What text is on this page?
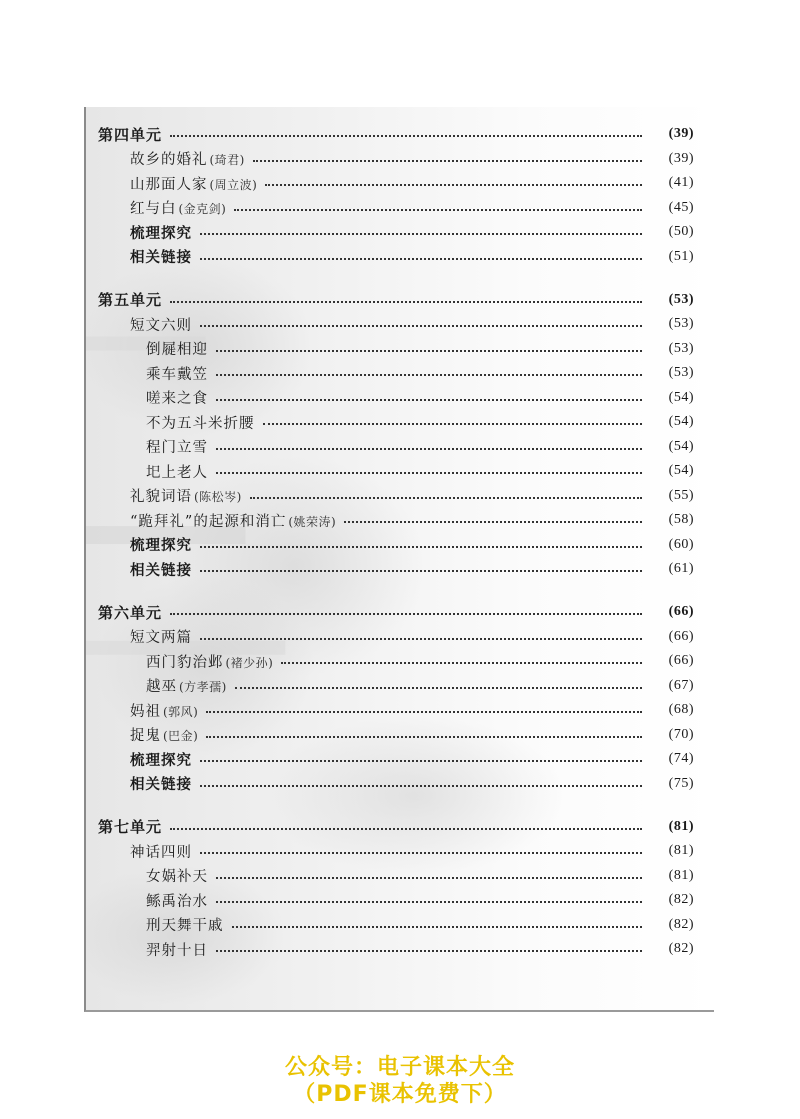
第四单元	(39)
故乡的婚礼 (琦君)	(39)
山那面人家 (周立波)	(41)
红与白 (金克剑)	(45)
梳理探究	(50)
相关链接	(51)
第五单元	(53)
短文六则	(53)
倒屣相迎	(53)
乘车戴笠	(53)
嗟来之食	(54)
不为五斗米折腰	(54)
程门立雪	(54)
圯上老人	(54)
礼貌词语 (陈松岑)	(55)
“跪拜礼”的起源和消亡 (姚荣涛)	(58)
梳理探究	(60)
相关链接	(61)
第六单元	(66)
短文两篇	(66)
西门豹治邺 (褚少孙)	(66)
越巫 (方孝孺)	(67)
妈祖 (郭风)	(68)
捉鬼 (巴金)	(70)
梳理探究	(74)
相关链接	(75)
第七单元	(81)
神话四则	(81)
女娲补天	(81)
鲧禹治水	(82)
刑天舞干戚	(82)
羿射十日	(82)
公众号：电子课本大全
（PDF课本免费下）
